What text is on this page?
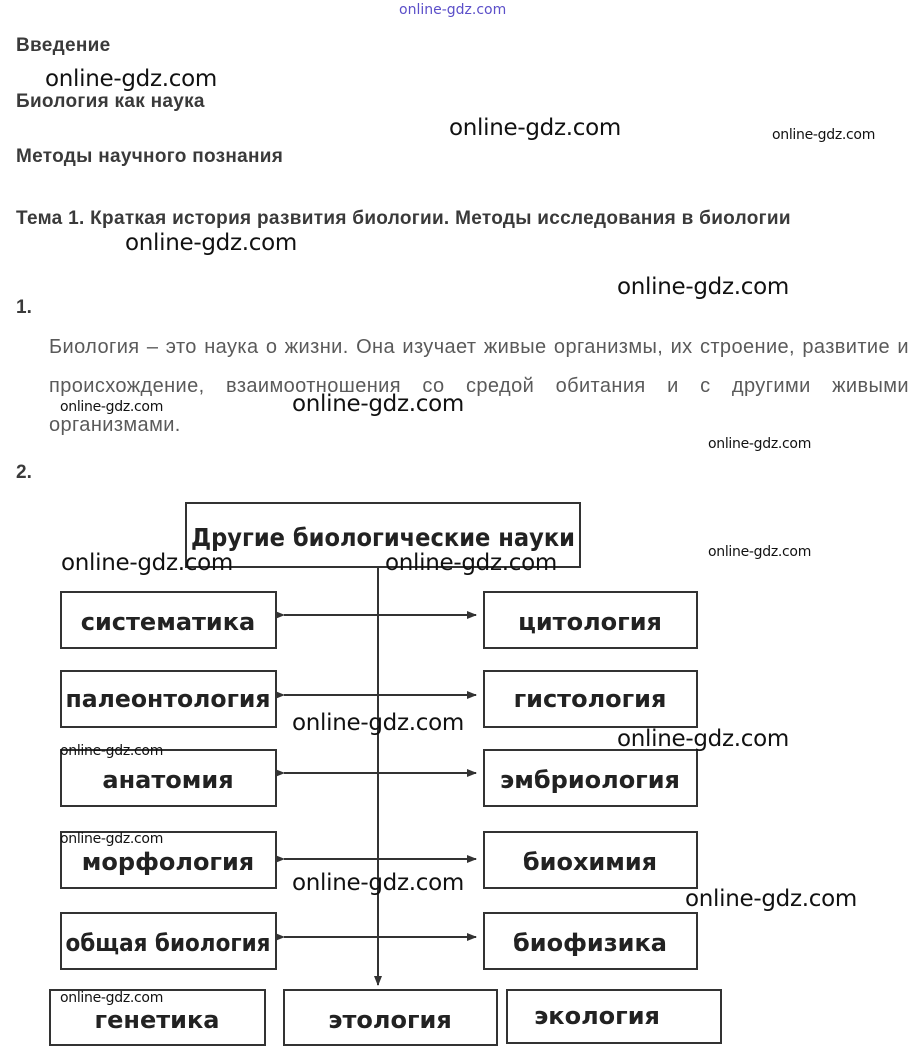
online-gdz.com
Введение
Биология как наука
Методы научного познания
Тема 1. Краткая история развития биологии. Методы исследования в биологии
1.
Биология – это наука о жизни. Она изучает живые организмы, их строение, развитие и происхождение, взаимоотношения со средой обитания и с другими живыми организмами.
2.
Другие биологические науки
систематика
палеонтология
анатомия
морфология
общая биология
цитология
гистология
эмбриология
биохимия
биофизика
генетика	этология	экология
online-gdz.com
online-gdz.com	online-gdz.com
online-gdz.com
online-gdz.com
online-gdz.com	online-gdz.com
online-gdz.com
online-gdz.com
online-gdz.com	online-gdz.com
online-gdz.com
online-gdz.com
online-gdz.com
online-gdz.com
online-gdz.com
online-gdz.com
online-gdz.com
